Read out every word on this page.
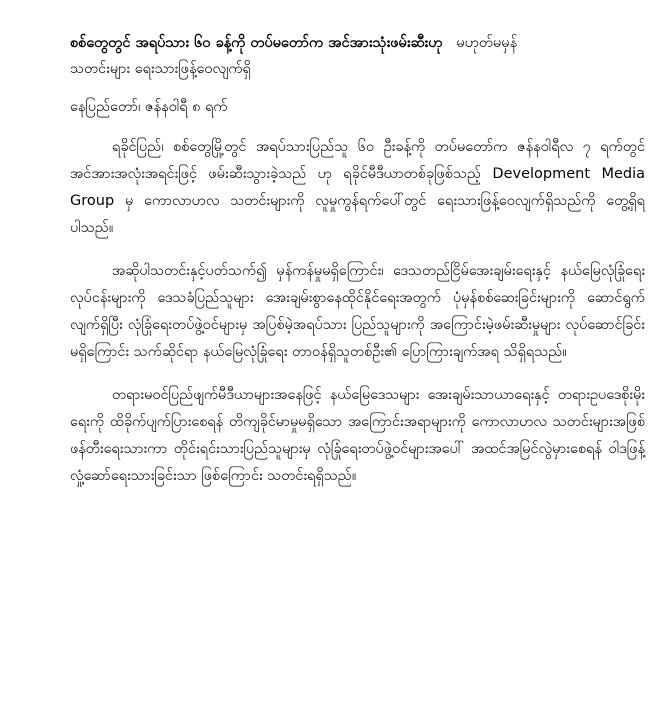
စစ်တွေတွင် အရပ်သား ၆၀ ခန့်ကို တပ်မတော်က အင်အားသုံးဖမ်းဆီးဟု မဟုတ်မမှန်
သတင်းများ ရေးသားဖြန့်ဝေလျက်ရှိ
နေပြည်တော်၊ ဇန်နဝါရီ ၈ ရက်

ရခိုင်ပြည်၊ စစ်တွေမြို့တွင် အရပ်သားပြည်သူ ၆၀ ဦးခန့်ကို တပ်မတော်က ဇန်နဝါရီလ ၇ ရက်တွင် အင်အားအလုံးအရင်းဖြင့် ဖမ်းဆီးသွားခဲ့သည် ဟု ရခိုင်မီဒီယာတစ်ခုဖြစ်သည့် Development Media Group မှ ကောလာဟလ သတင်းများကို လူမှုကွန်ရက်ပေါ်တွင် ရေးသားဖြန့်ဝေလျက်ရှိသည်ကို တွေ့ရှိရပါသည်။

အဆိုပါသတင်းနှင့်ပတ်သက်၍ မှန်ကန်မှုမရှိကြောင်း၊ ဒေသတည်ငြိမ်အေးချမ်းရေးနှင့် နယ်မြေလုံခြုံရေးလုပ်ငန်းများကို ဒေသခံပြည်သူများ အေးချမ်းစွာနေထိုင်နိုင်ရေးအတွက် ပုံမှန်စစ်ဆေးခြင်းများကို ဆောင်ရွက်လျက်ရှိပြီး လုံခြုံရေးတပ်ဖွဲ့ဝင်များမှ အပြစ်မဲ့အရပ်သား ပြည်သူများကို အကြောင်းမဲ့ဖမ်းဆီးမှုများ လုပ်ဆောင်ခြင်းမရှိကြောင်း သက်ဆိုင်ရာ နယ်မြေလုံခြုံရေး တာဝန်ရှိသူတစ်ဦး၏ ပြောကြားချက်အရ သိရှိရသည်။

တရားမဝင်ပြည်ဖျက်မီဒီယာများအနေဖြင့် နယ်မြေဒေသများ အေးချမ်းသာယာရေးနှင့် တရားဥပဒေစိုးမိုးရေးကို ထိခိုက်ပျက်ပြားစေရန် တိကျခိုင်မာမှုမရှိသော အကြောင်းအရာများကို ကောလာဟလ သတင်းများအဖြစ်ဖန်တီးရေးသားကာ တိုင်းရင်းသားပြည်သူများမှ လုံခြုံရေးတပ်ဖွဲ့ဝင်များအပေါ် အထင်အမြင်လွဲမှားစေရန် ဝါဒဖြန့်လှုံ့ဆော်ရေးသားခြင်းသာ ဖြစ်ကြောင်း သတင်းရရှိသည်။
